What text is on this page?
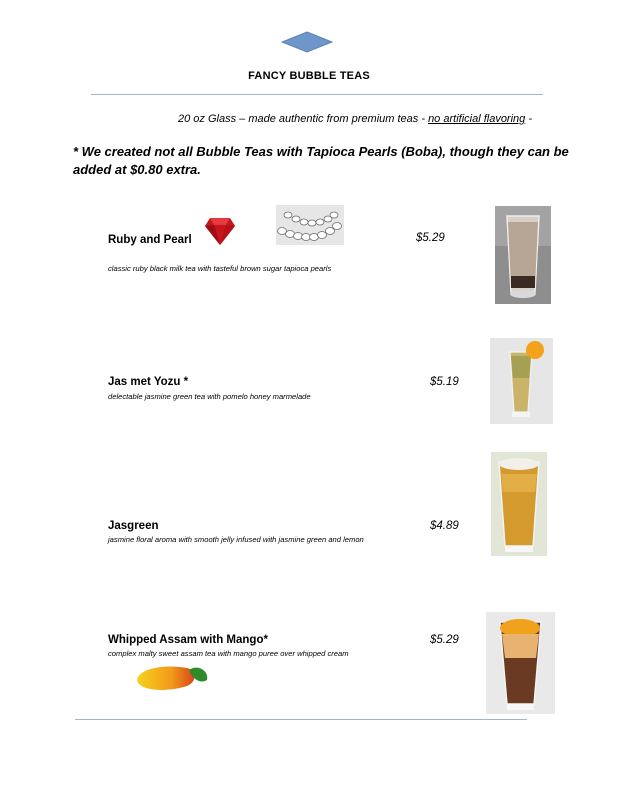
FANCY BUBBLE TEAS
20 oz Glass – made authentic from premium teas - no artificial flavoring -
* We created not all Bubble Teas with Tapioca Pearls (Boba), though they can be added at $0.80 extra.
Ruby and Pearl	$5.29
classic ruby black milk tea with tasteful brown sugar tapioca pearls
Jas met Yozu *	$5.19
delectable jasmine green tea with pomelo honey marmelade
Jasgreen	$4.89
jasmine floral aroma with smooth jelly infused with jasmine green and lemon
Whipped Assam with Mango*	$5.29
complex malty sweet assam tea with mango puree over whipped cream
